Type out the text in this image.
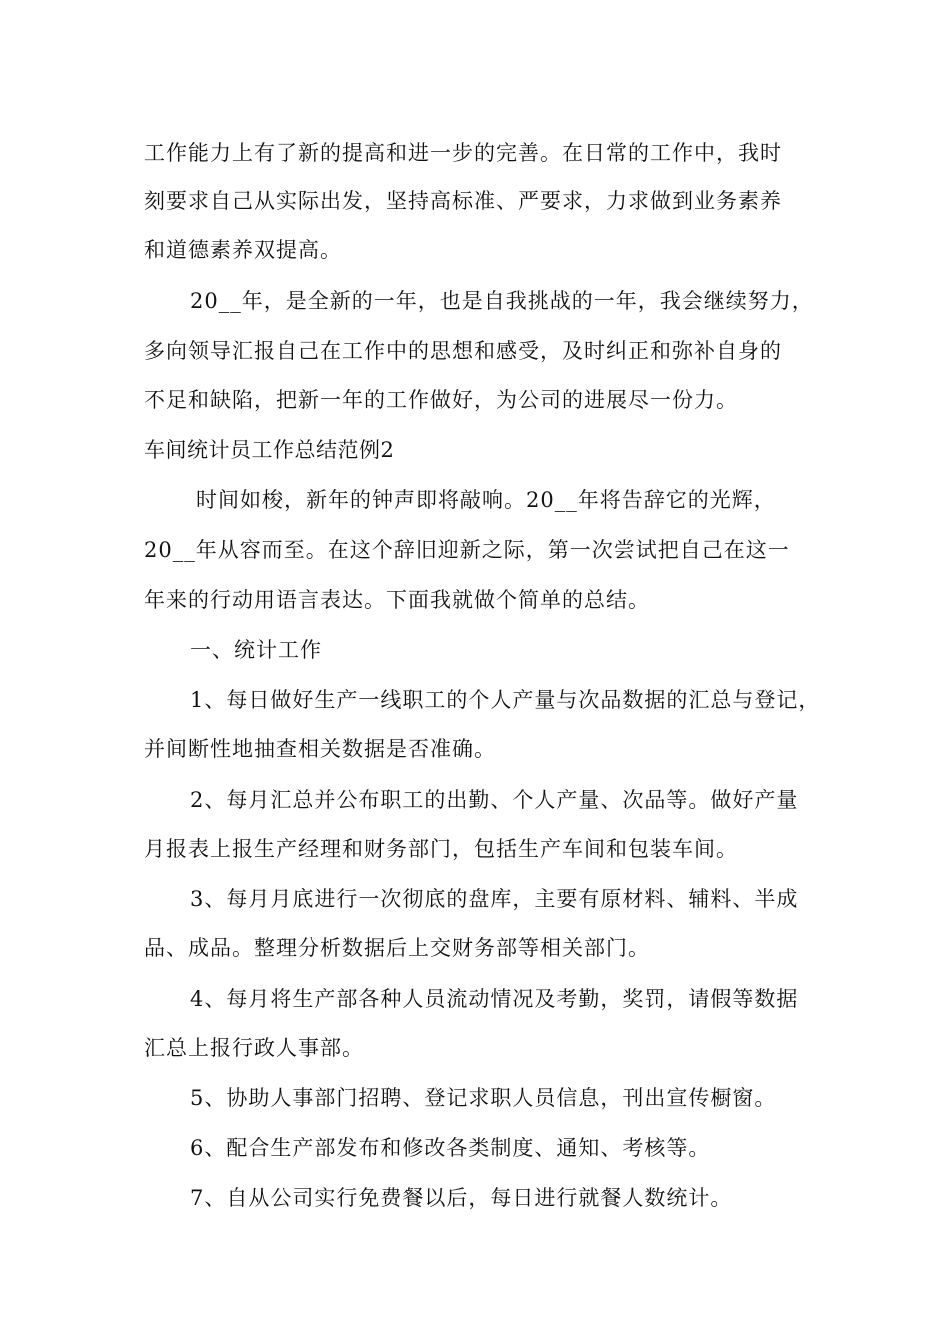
工作能力上有了新的提高和进一步的完善。在日常的工作中，我时
刻要求自己从实际出发，坚持高标准、严要求，力求做到业务素养
和道德素养双提高。
20__年，是全新的一年，也是自我挑战的一年，我会继续努力，
多向领导汇报自己在工作中的思想和感受，及时纠正和弥补自身的
不足和缺陷，把新一年的工作做好，为公司的进展尽一份力。
车间统计员工作总结范例2
时间如梭，新年的钟声即将敲响。20__年将告辞它的光辉，
20__年从容而至。在这个辞旧迎新之际，第一次尝试把自己在这一
年来的行动用语言表达。下面我就做个简单的总结。
一、统计工作
1、每日做好生产一线职工的个人产量与次品数据的汇总与登记，
并间断性地抽查相关数据是否准确。
2、每月汇总并公布职工的出勤、个人产量、次品等。做好产量
月报表上报生产经理和财务部门，包括生产车间和包装车间。
3、每月月底进行一次彻底的盘库，主要有原材料、辅料、半成
品、成品。整理分析数据后上交财务部等相关部门。
4、每月将生产部各种人员流动情况及考勤，奖罚，请假等数据
汇总上报行政人事部。
5、协助人事部门招聘、登记求职人员信息，刊出宣传橱窗。
6、配合生产部发布和修改各类制度、通知、考核等。
7、自从公司实行免费餐以后，每日进行就餐人数统计。
